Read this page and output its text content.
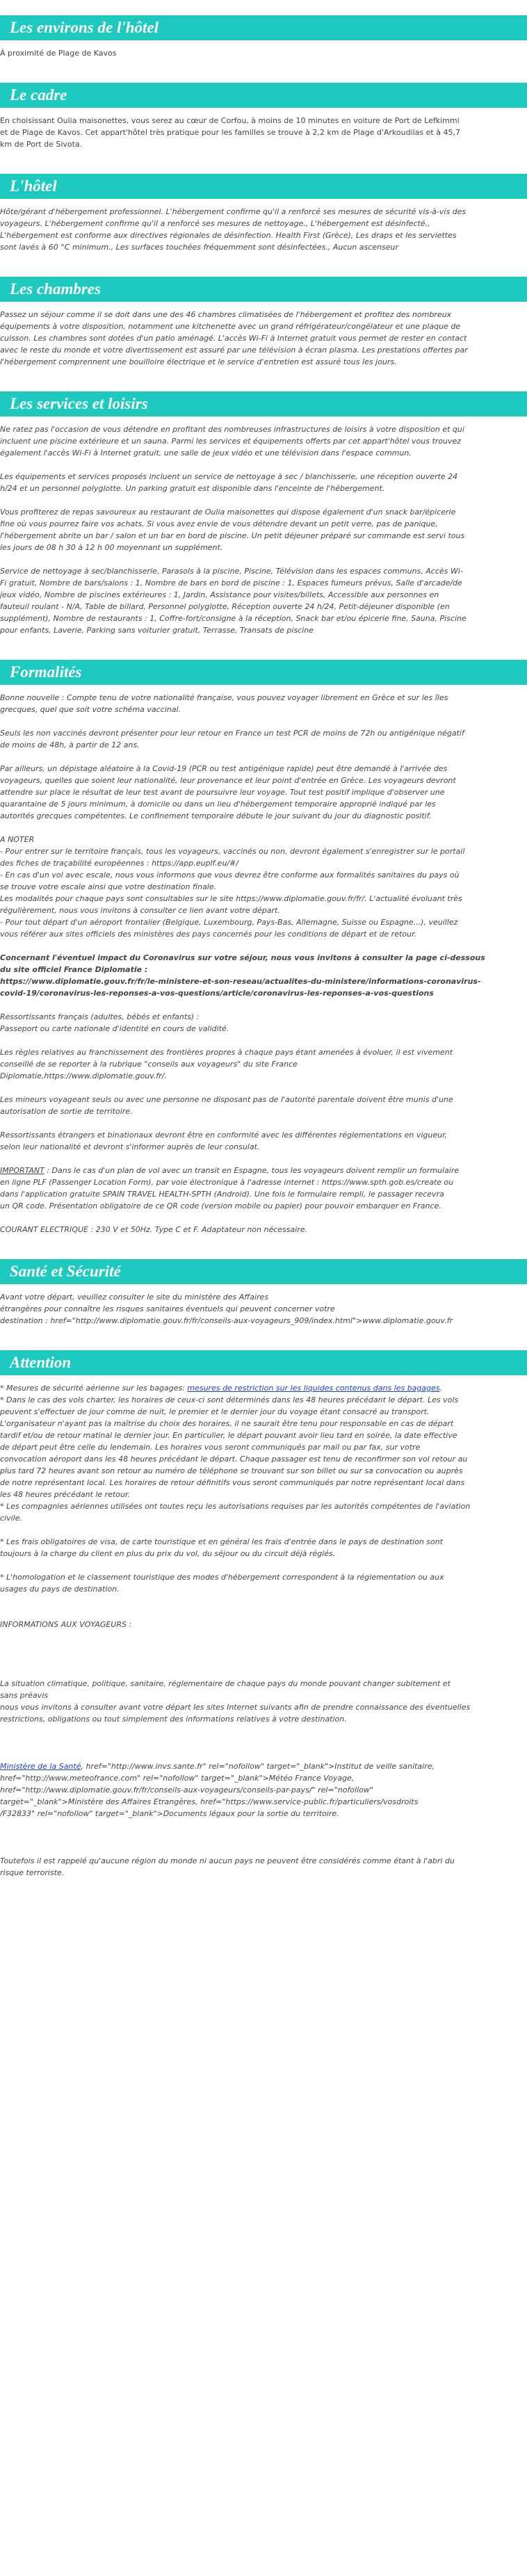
Les environs de l'hôtel
À proximité de Plage de Kavos
Le cadre
En choisissant Oulia maisonettes, vous serez au cœur de Corfou, à moins de 10 minutes en voiture de Port de Lefkimmi
et de Plage de Kavos. Cet appart'hôtel très pratique pour les familles se trouve à 2,2 km de Plage d'Arkoudilas et à 45,7
km de Port de Sivota.
L'hôtel
Hôte/gérant d'hébergement professionnel. L'hébergement confirme qu'il a renforcé ses mesures de sécurité vis-à-vis des
voyageurs. L'hébergement confirme qu'il a renforcé ses mesures de nettoyage., L'hébergement est désinfecté.,
L'hébergement est conforme aux directives régionales de désinfection. Health First (Grèce), Les draps et les serviettes
sont lavés à 60 °C minimum., Les surfaces touchées fréquemment sont désinfectées., Aucun ascenseur
Les chambres
Passez un séjour comme il se doit dans une des 46 chambres climatisées de l'hébergement et profitez des nombreux
équipements à votre disposition, notamment une kitchenette avec un grand réfrigérateur/congélateur et une plaque de
cuisson. Les chambres sont dotées d'un patio aménagé. L'accès Wi-Fi à Internet gratuit vous permet de rester en contact
avec le reste du monde et votre divertissement est assuré par une télévision à écran plasma. Les prestations offertes par
l'hébergement comprennent une bouilloire électrique et le service d'entretien est assuré tous les jours.
Les services et loisirs
Ne ratez pas l'occasion de vous détendre en profitant des nombreuses infrastructures de loisirs à votre disposition et qui
incluent une piscine extérieure et un sauna. Parmi les services et équipements offerts par cet appart'hôtel vous trouvez
également l'accès Wi-Fi à Internet gratuit, une salle de jeux vidéo et une télévision dans l'espace commun.
Les équipements et services proposés incluent un service de nettoyage à sec / blanchisserie, une réception ouverte 24
h/24 et un personnel polyglotte. Un parking gratuit est disponible dans l'enceinte de l'hébergement.
Vous profiterez de repas savoureux au restaurant de Oulia maisonettes qui dispose également d'un snack bar/épicerie
fine où vous pourrez faire vos achats. Si vous avez envie de vous détendre devant un petit verre, pas de panique,
l'hébergement abrite un bar / salon et un bar en bord de piscine. Un petit déjeuner préparé sur commande est servi tous
les jours de 08 h 30 à 12 h 00 moyennant un supplément.
Service de nettoyage à sec/blanchisserie, Parasols à la piscine, Piscine, Télévision dans les espaces communs, Accès Wi-
Fi gratuit, Nombre de bars/salons : 1, Nombre de bars en bord de piscine : 1, Espaces fumeurs prévus, Salle d'arcade/de
jeux vidéo, Nombre de piscines extérieures : 1, Jardin, Assistance pour visites/billets, Accessible aux personnes en
fauteuil roulant - N/A, Table de billard, Personnel polyglotte, Réception ouverte 24 h/24, Petit-déjeuner disponible (en
supplément), Nombre de restaurants : 1, Coffre-fort/consigne à la réception, Snack bar et/ou épicerie fine, Sauna, Piscine
pour enfants, Laverie, Parking sans voiturier gratuit, Terrasse, Transats de piscine
Formalités
Bonne nouvelle : Compte tenu de votre nationalité française, vous pouvez voyager librement en Grèce et sur les îles
grecques, quel que soit votre schéma vaccinal.
Seuls les non vaccinés devront présenter pour leur retour en France un test PCR de moins de 72h ou antigénique négatif
de moins de 48h, à partir de 12 ans.
Par ailleurs, un dépistage aléatoire à la Covid-19 (PCR ou test antigénique rapide) peut être demandé à l'arrivée des
voyageurs, quelles que soient leur nationalité, leur provenance et leur point d'entrée en Grèce. Les voyageurs devront
attendre sur place le résultat de leur test avant de poursuivre leur voyage. Tout test positif implique d'observer une
quarantaine de 5 jours minimum, à domicile ou dans un lieu d'hébergement temporaire approprié indiqué par les
autorités grecques compétentes. Le confinement temporaire débute le jour suivant du jour du diagnostic positif.
A NOTER
- Pour entrer sur le territoire français, tous les voyageurs, vaccinés ou non, devront également s'enregistrer sur le portail
des fiches de traçabilité européennes : https://app.euplf.eu/#/
- En cas d'un vol avec escale, nous vous informons que vous devrez être conforme aux formalités sanitaires du pays où
se trouve votre escale ainsi que votre destination finale.
Les modalités pour chaque pays sont consultables sur le site https://www.diplomatie.gouv.fr/fr/. L'actualité évoluant très
régulièrement, nous vous invitons à consulter ce lien avant votre départ.
- Pour tout départ d'un aéroport frontalier (Belgique, Luxembourg, Pays-Bas, Allemagne, Suisse ou Espagne...), veuillez
vous référer aux sites officiels des ministères des pays concernés pour les conditions de départ et de retour.
Concernant l'éventuel impact du Coronavirus sur votre séjour, nous vous invitons à consulter la page ci-dessous
du site officiel France Diplomatie :
https://www.diplomatie.gouv.fr/fr/le-ministere-et-son-reseau/actualites-du-ministere/informations-coronavirus-
covid-19/coronavirus-les-reponses-a-vos-questions/article/coronavirus-les-reponses-a-vos-questions
Ressortissants français (adultes, bébés et enfants) :
Passeport ou carte nationale d'identité en cours de validité.
Les règles relatives au franchissement des frontières propres à chaque pays étant amenées à évoluer, il est vivement
conseillé de se reporter à la rubrique "conseils aux voyageurs" du site France
Diplomatie,https://www.diplomatie.gouv.fr/.
Les mineurs voyageant seuls ou avec une personne ne disposant pas de l'autorité parentale doivent être munis d'une
autorisation de sortie de territoire.
Ressortissants étrangers et binationaux devront être en conformité avec les différentes réglementations en vigueur,
selon leur nationalité et devront s'informer auprès de leur consulat.
IMPORTANT : Dans le cas d'un plan de vol avec un transit en Espagne, tous les voyageurs doivent remplir un formulaire
en ligne PLF (Passenger Location Form), par voie électronique à l'adresse internet : https://www.spth.gob.es/create ou
dans l'application gratuite SPAIN TRAVEL HEALTH-SPTH (Android). Une fois le formulaire rempli, le passager recevra
un QR code. Présentation obligatoire de ce QR code (version mobile ou papier) pour pouvoir embarquer en France.
COURANT ELECTRIQUE : 230 V et 50Hz. Type C et F. Adaptateur non nécessaire.
Santé et Sécurité
Avant votre départ, veuillez consulter le site du ministère des Affaires
étrangères pour connaître les risques sanitaires éventuels qui peuvent concerner votre
destination : href="http://www.diplomatie.gouv.fr/fr/conseils-aux-voyageurs_909/index.html">www.diplomatie.gouv.fr
Attention
* Mesures de sécurité aérienne sur les bagages: mesures de restriction sur les liquides contenus dans les bagages.
* Dans le cas des vols charter, les horaires de ceux-ci sont déterminés dans les 48 heures précédant le départ. Les vols
peuvent s'effectuer de jour comme de nuit, le premier et le dernier jour du voyage étant consacré au transport.
L'organisateur n'ayant pas la maîtrise du choix des horaires, il ne saurait être tenu pour responsable en cas de départ
tardif et/ou de retour matinal le dernier jour. En particulier, le départ pouvant avoir lieu tard en soirée, la date effective
de départ peut être celle du lendemain. Les horaires vous seront communiqués par mail ou par fax, sur votre
convocation aéroport dans les 48 heures précédant le départ. Chaque passager est tenu de reconfirmer son vol retour au
plus tard 72 heures avant son retour au numéro de téléphone se trouvant sur son billet ou sur sa convocation ou auprès
de notre représentant local. Les horaires de retour définitifs vous seront communiqués par notre représentant local dans
les 48 heures précédant le retour.
* Les compagnies aériennes utilisées ont toutes reçu les autorisations requises par les autorités compétentes de l'aviation
civile.
* Les frais obligatoires de visa, de carte touristique et en général les frais d'entrée dans le pays de destination sont
toujours à la charge du client en plus du prix du vol, du séjour ou du circuit déjà réglés.
* L'homologation et le classement touristique des modes d'hébergement correspondent à la réglementation ou aux
usages du pays de destination.
INFORMATIONS AUX VOYAGEURS :
La situation climatique, politique, sanitaire, réglementaire de chaque pays du monde pouvant changer subitement et
sans préavis
nous vous invitons à consulter avant votre départ les sites Internet suivants afin de prendre connaissance des éventuelles
restrictions, obligations ou tout simplement des informations relatives à votre destination.
Ministère de la Santé, href="http://www.invs.sante.fr" rel="nofollow" target="_blank">Institut de veille sanitaire,
href="http://www.meteofrance.com" rel="nofollow" target="_blank">Météo France Voyage,
href="http://www.diplomatie.gouv.fr/fr/conseils-aux-voyageurs/conseils-par-pays/" rel="nofollow"
target="_blank">Ministère des Affaires Etrangères, href="https://www.service-public.fr/particuliers/vosdroits
/F32833" rel="nofollow" target="_blank">Documents légaux pour la sortie du territoire.
Toutefois il est rappelé qu'aucune région du monde ni aucun pays ne peuvent être considérés comme étant à l'abri du
risque terroriste.
